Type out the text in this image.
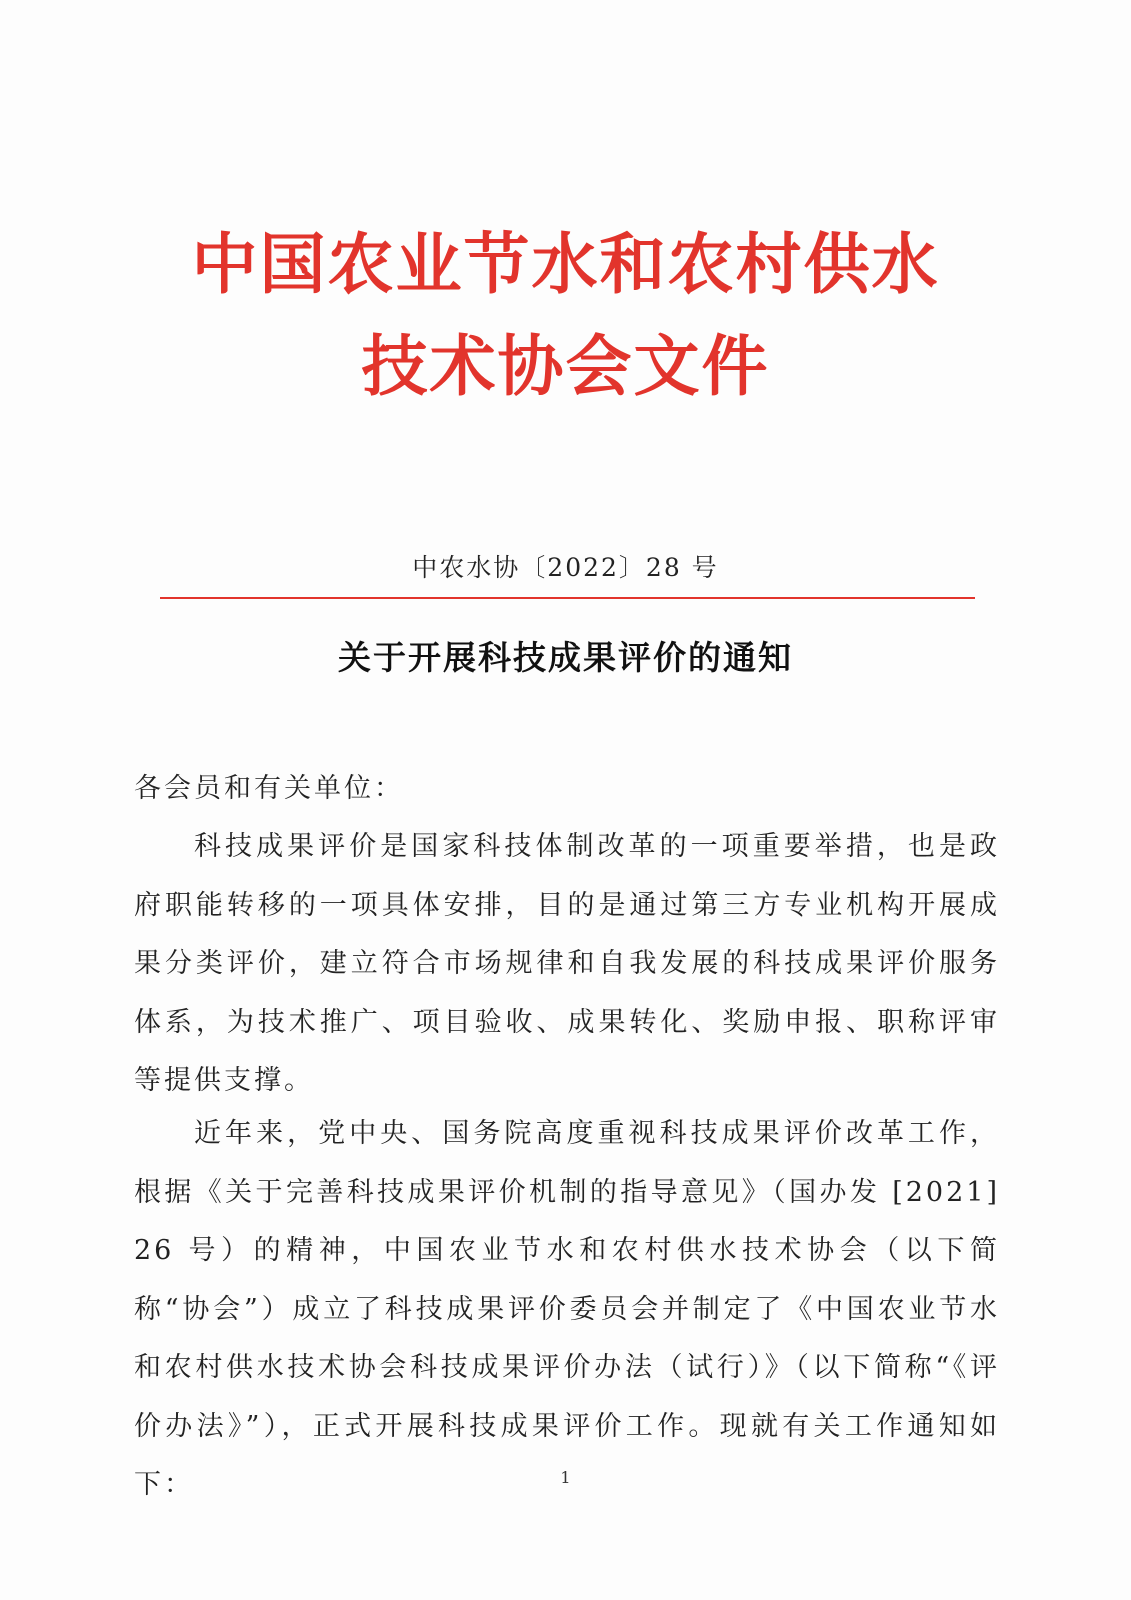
中国农业节水和农村供水
技术协会文件
中农水协〔2022〕28 号
关于开展科技成果评价的通知
各会员和有关单位：
科技成果评价是国家科技体制改革的一项重要举措，也是政府职能转移的一项具体安排，目的是通过第三方专业机构开展成果分类评价，建立符合市场规律和自我发展的科技成果评价服务体系，为技术推广、项目验收、成果转化、奖励申报、职称评审等提供支撑。
近年来，党中央、国务院高度重视科技成果评价改革工作，根据《关于完善科技成果评价机制的指导意见》（国办发 [2021] 26 号）的精神，中国农业节水和农村供水技术协会（以下简称“协会”）成立了科技成果评价委员会并制定了《中国农业节水和农村供水技术协会科技成果评价办法（试行）》（以下简称“《评价办法》”），正式开展科技成果评价工作。现就有关工作通知如下：	1
